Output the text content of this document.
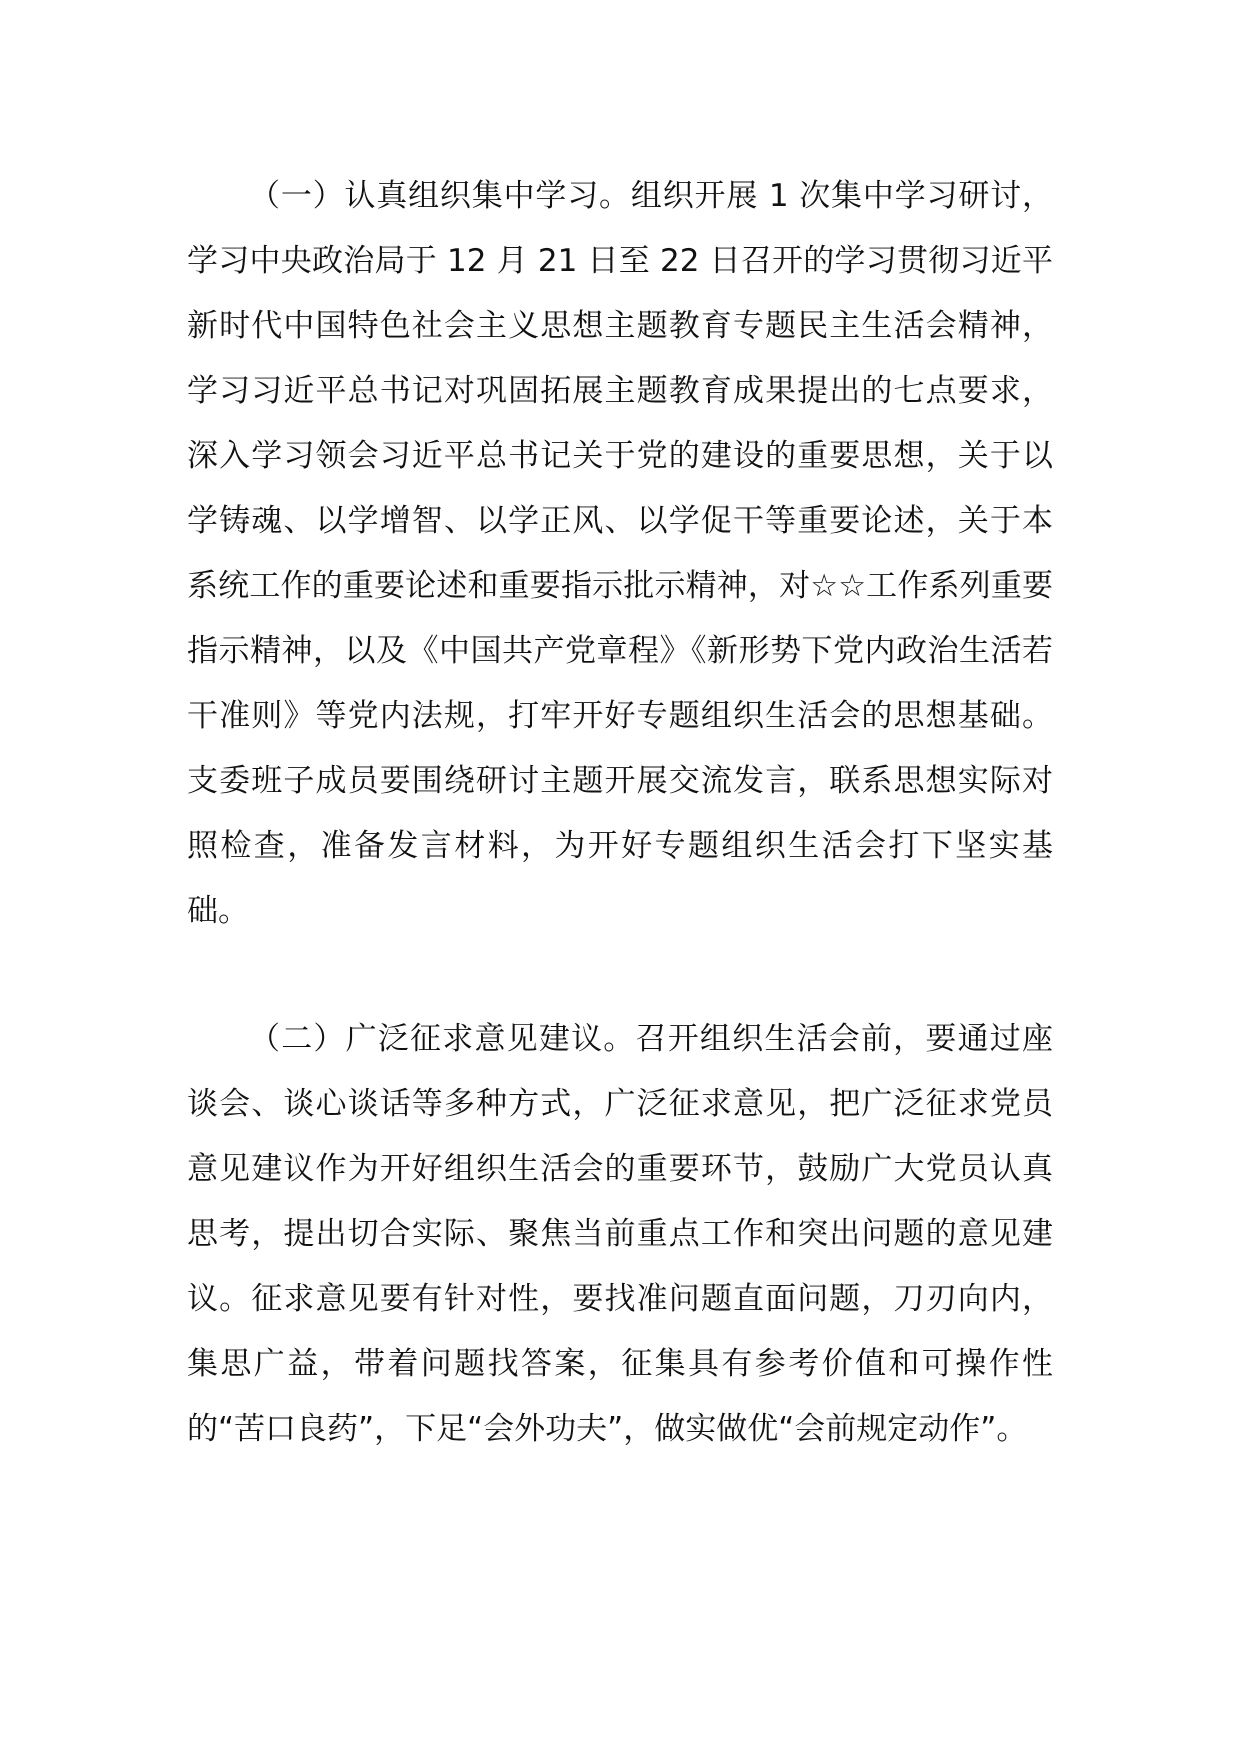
（一）认真组织集中学习。组织开展 1 次集中学习研讨，学习中央政治局于 12 月 21 日至 22 日召开的学习贯彻习近平新时代中国特色社会主义思想主题教育专题民主生活会精神，学习习近平总书记对巩固拓展主题教育成果提出的七点要求，深入学习领会习近平总书记关于党的建设的重要思想，关于以学铸魂、以学增智、以学正风、以学促干等重要论述，关于本系统工作的重要论述和重要指示批示精神，对☆☆工作系列重要指示精神，以及《中国共产党章程》《新形势下党内政治生活若干准则》等党内法规，打牢开好专题组织生活会的思想基础。支委班子成员要围绕研讨主题开展交流发言，联系思想实际对照检查，准备发言材料，为开好专题组织生活会打下坚实基础。

（二）广泛征求意见建议。召开组织生活会前，要通过座谈会、谈心谈话等多种方式，广泛征求意见，把广泛征求党员意见建议作为开好组织生活会的重要环节，鼓励广大党员认真思考，提出切合实际、聚焦当前重点工作和突出问题的意见建议。征求意见要有针对性，要找准问题直面问题，刀刃向内，集思广益，带着问题找答案，征集具有参考价值和可操作性的“苦口良药”，下足“会外功夫”，做实做优“会前规定动作”。
